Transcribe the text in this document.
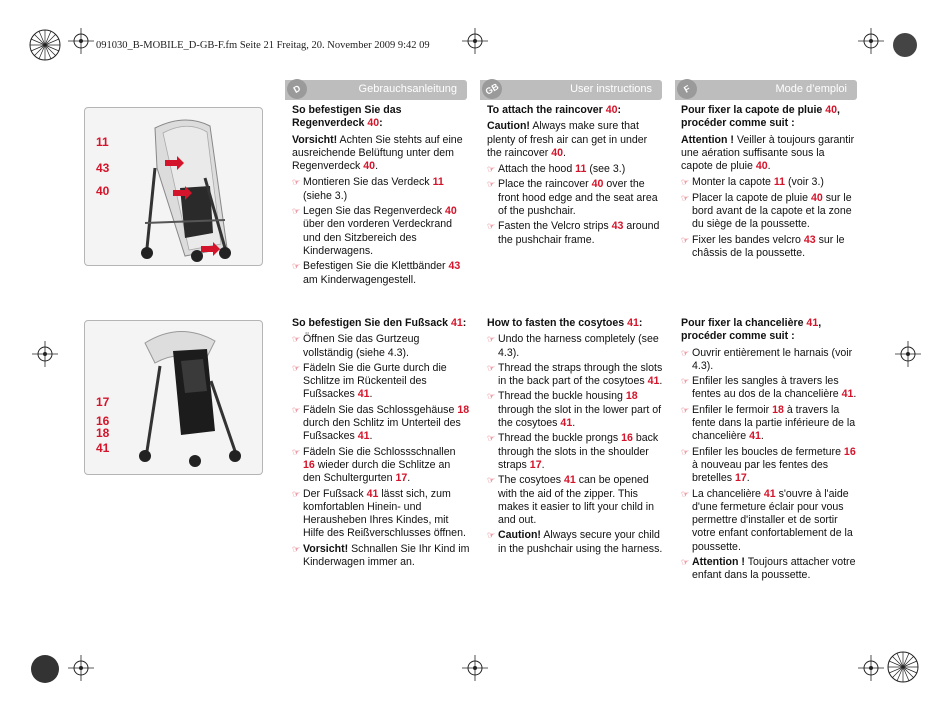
091030_B-MOBILE_D-GB-F.fm Seite 21 Freitag, 20. November 2009 9:42 09
D	Gebrauchsanleitung	GB	User instructions	F	Mode d’emploi
11
43
40
17
16
18
41

So befestigen Sie das Regenverdeck 40:

Vorsicht! Achten Sie stehts auf eine ausreichende Belüftung unter dem Regenverdeck 40.

☞ Montieren Sie das Verdeck 11 (siehe 3.)
☞ Legen Sie das Regenverdeck 40 über den vorderen Verdeckrand und den Sitzbereich des Kinderwagens.
☞ Befestigen Sie die Klettbänder 43 am Kinderwagengestell.

So befestigen Sie den Fußsack 41:

☞ Öffnen Sie das Gurtzeug vollständig (siehe 4.3).
☞ Fädeln Sie die Gurte durch die Schlitze im Rückenteil des Fußsackes 41.
☞ Fädeln Sie das Schlossgehäuse 18 durch den Schlitz im Unterteil des Fußsackes 41.
☞ Fädeln Sie die Schlossschnallen 16 wieder durch die Schlitze an den Schultergurten 17.
☞ Der Fußsack 41 lässt sich, zum komfortablen Hinein- und Herausheben Ihres Kindes, mit Hilfe des Reißverschlusses öffnen.
☞ Vorsicht! Schnallen Sie Ihr Kind im Kinderwagen immer an.

To attach the raincover 40:

Caution! Always make sure that plenty of fresh air can get in under the raincover 40.

☞ Attach the hood 11 (see 3.)
☞ Place the raincover 40 over the front hood edge and the seat area of the pushchair.
☞ Fasten the Velcro strips 43 around the pushchair frame.

How to fasten the cosytoes 41:

☞ Undo the harness completely (see 4.3).
☞ Thread the straps through the slots in the back part of the cosytoes 41.
☞ Thread the buckle housing 18 through the slot in the lower part of the cosytoes 41.
☞ Thread the buckle prongs 16 back through the slots in the shoulder straps 17.
☞ The cosytoes 41 can be opened with the aid of the zipper. This makes it easier to lift your child in and out.
☞ Caution! Always secure your child in the pushchair using the harness.

Pour fixer la capote de pluie 40, procéder comme suit :

Attention ! Veiller à toujours garantir une aération suffisante sous la capote de pluie 40.

☞ Monter la capote 11 (voir 3.)
☞ Placer la capote de pluie 40 sur le bord avant de la capote et la zone du siège de la poussette.
☞ Fixer les bandes velcro 43 sur le châssis de la poussette.

Pour fixer la chancelière 41, procéder comme suit :

☞ Ouvrir entièrement le harnais (voir 4.3).
☞ Enfiler les sangles à travers les fentes au dos de la chancelière 41.
☞ Enfiler le fermoir 18 à travers la fente dans la partie inférieure de la chancelière 41.
☞ Enfiler les boucles de fermeture 16 à nouveau par les fentes des bretelles 17.
☞ La chancelière 41 s'ouvre à l'aide d'une fermeture éclair pour vous permettre d'installer et de sortir votre enfant confortablement de la poussette.
☞ Attention ! Toujours attacher votre enfant dans la poussette.
